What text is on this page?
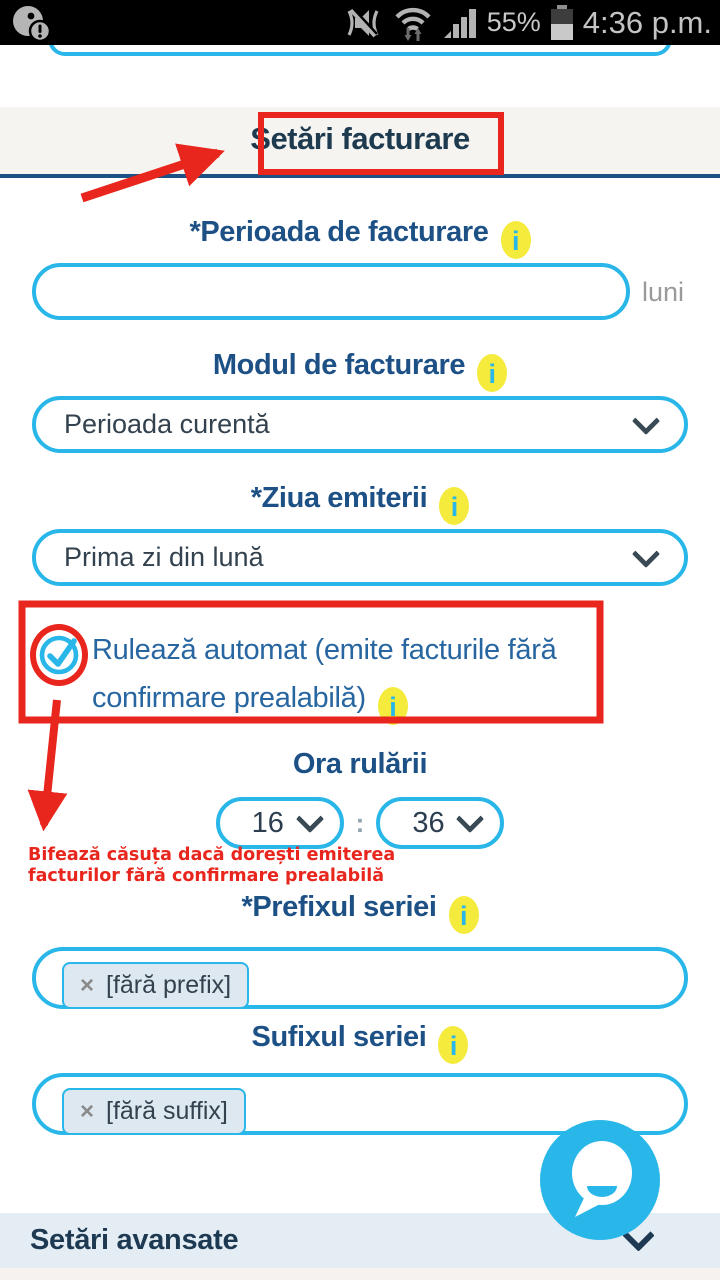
55% 4:36 p.m.
Setări facturare
*Perioada de facturare i
luni
Modul de facturare i
Perioada curentă
*Ziua emiterii i
Prima zi din lună
Rulează automat (emite facturile fără confirmare prealabilă) i
Ora rulării
16	: 36
Bifează căsuța dacă dorești emiterea facturilor fără confirmare prealabilă
*Prefixul seriei i
× [fără prefix]
Sufixul seriei i
× [fără suffix]
Setări avansate
